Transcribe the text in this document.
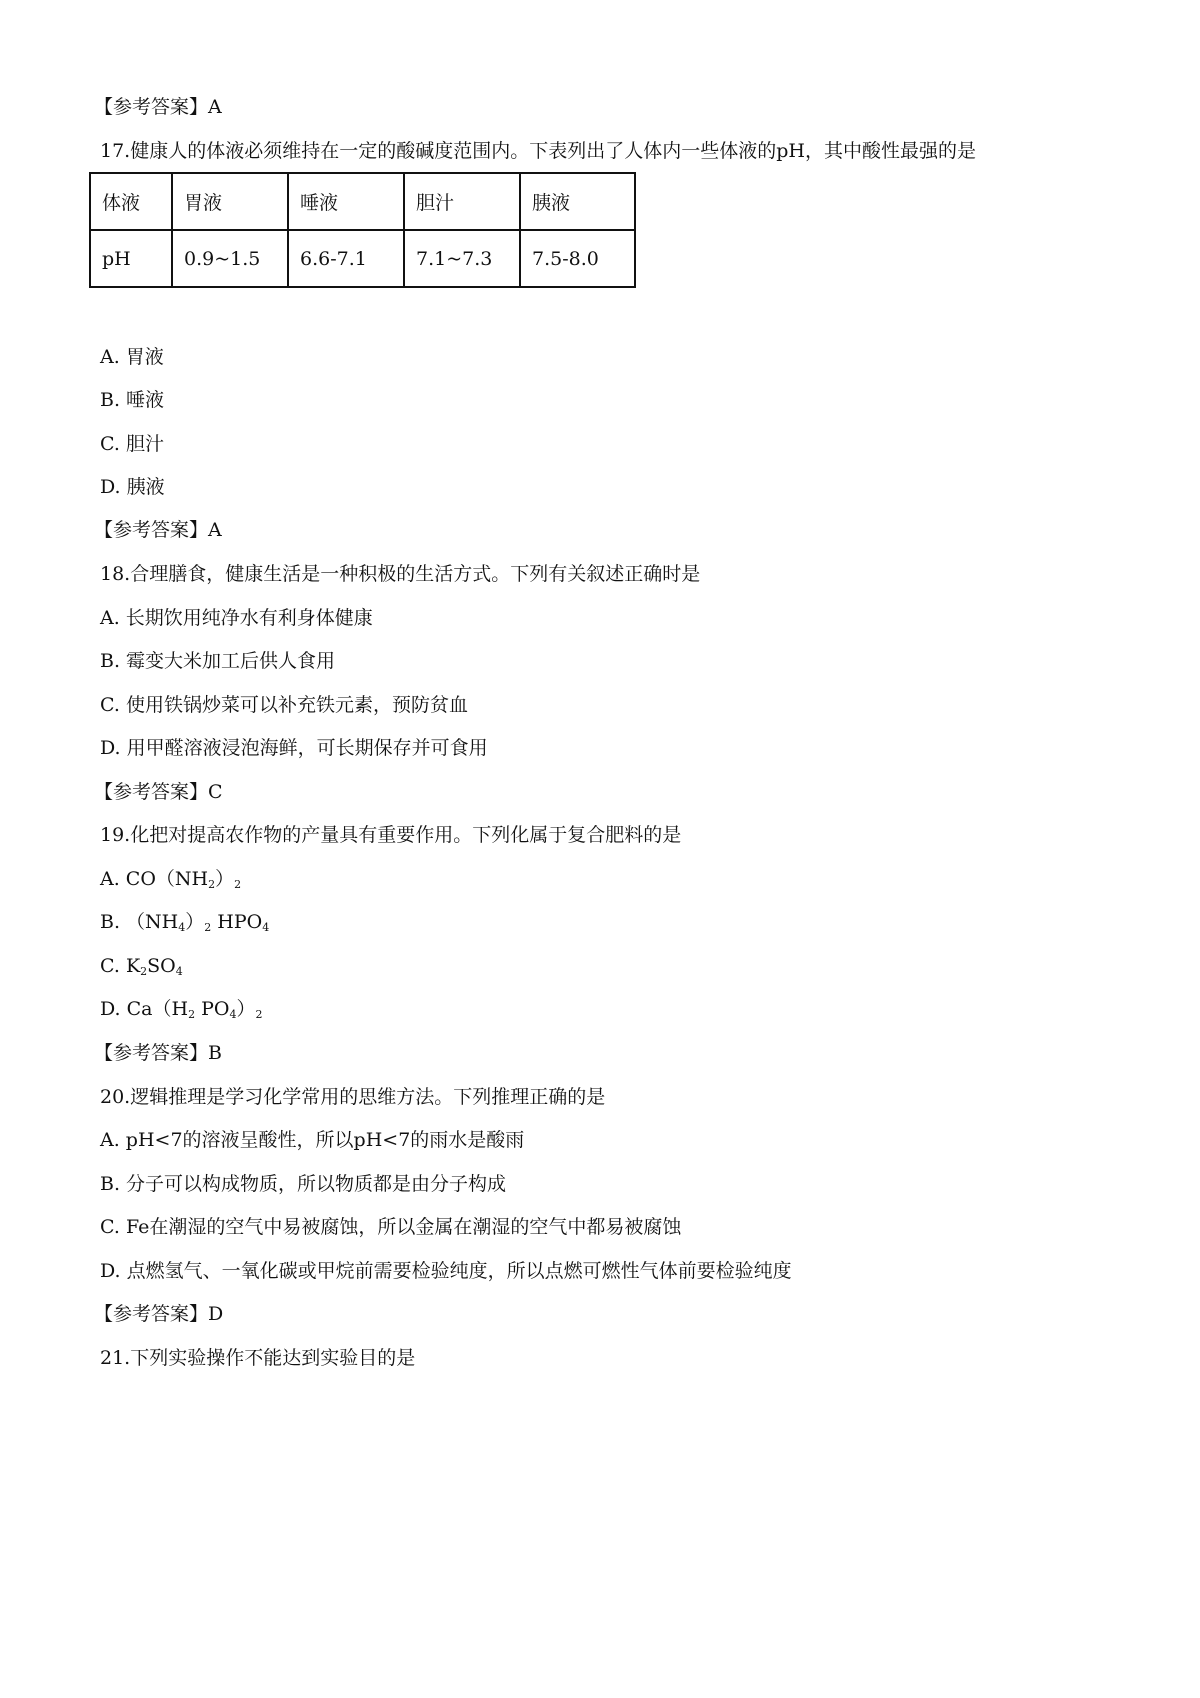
【参考答案】A
17.健康人的体液必须维持在一定的酸碱度范围内。下表列出了人体内一些体液的pH，其中酸性最强的是
体液	胃液	唾液	胆汁	胰液
pH	0.9~1.5	6.6-7.1	7.1~7.3	7.5-8.0
A. 胃液
B. 唾液
C. 胆汁
D. 胰液
【参考答案】A
18.合理膳食，健康生活是一种积极的生活方式。下列有关叙述正确时是
A. 长期饮用纯净水有利身体健康
B. 霉变大米加工后供人食用
C. 使用铁锅炒菜可以补充铁元素，预防贫血
D. 用甲醛溶液浸泡海鲜，可长期保存并可食用
【参考答案】C
19.化把对提高农作物的产量具有重要作用。下列化属于复合肥料的是
A. $CO(NH_2)_2$
B. $(NH_4)_2$ $HPO_4$
C. $K_2SO_4$
D. $Ca(H_2$ $PO_4)_2$
【参考答案】B
20.逻辑推理是学习化学常用的思维方法。下列推理正确的是
A. pH<7的溶液呈酸性，所以pH<7的雨水是酸雨
B. 分子可以构成物质，所以物质都是由分子构成
C. Fe在潮湿的空气中易被腐蚀，所以金属在潮湿的空气中都易被腐蚀
D. 点燃氢气、一氧化碳或甲烷前需要检验纯度，所以点燃可燃性气体前要检验纯度
【参考答案】D
21.下列实验操作不能达到实验目的是
